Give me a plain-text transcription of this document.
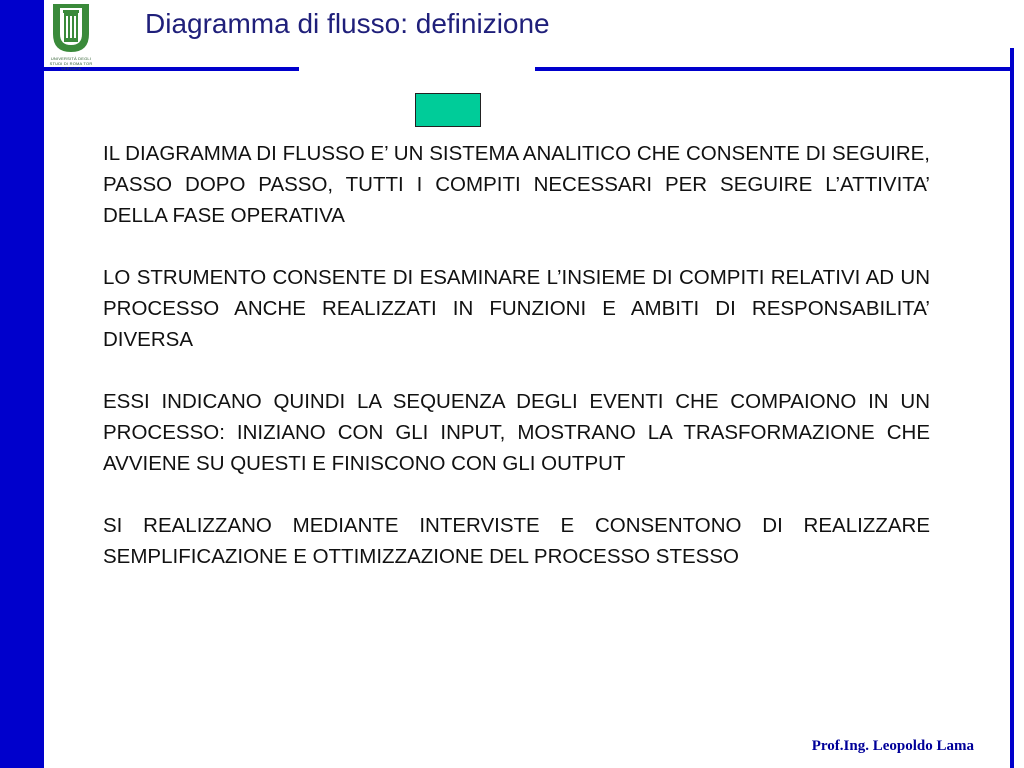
UNIVERSITÀ DEGLI STUDI DI ROMA TOR VERGATA
Diagramma di flusso: definizione

IL DIAGRAMMA DI FLUSSO E’ UN SISTEMA ANALITICO CHE CONSENTE DI SEGUIRE, PASSO DOPO PASSO, TUTTI I COMPITI NECESSARI PER SEGUIRE L’ATTIVITA’ DELLA FASE OPERATIVA

LO STRUMENTO CONSENTE DI ESAMINARE L’INSIEME DI COMPITI RELATIVI AD UN PROCESSO ANCHE REALIZZATI IN FUNZIONI E AMBITI DI RESPONSABILITA’ DIVERSA

ESSI INDICANO QUINDI LA SEQUENZA DEGLI EVENTI CHE COMPAIONO IN UN PROCESSO: INIZIANO CON GLI INPUT, MOSTRANO LA TRASFORMAZIONE CHE AVVIENE SU QUESTI E FINISCONO CON GLI OUTPUT

SI REALIZZANO MEDIANTE INTERVISTE E CONSENTONO DI REALIZZARE SEMPLIFICAZIONE E OTTIMIZZAZIONE DEL PROCESSO STESSO

Prof.Ing. Leopoldo Lama
